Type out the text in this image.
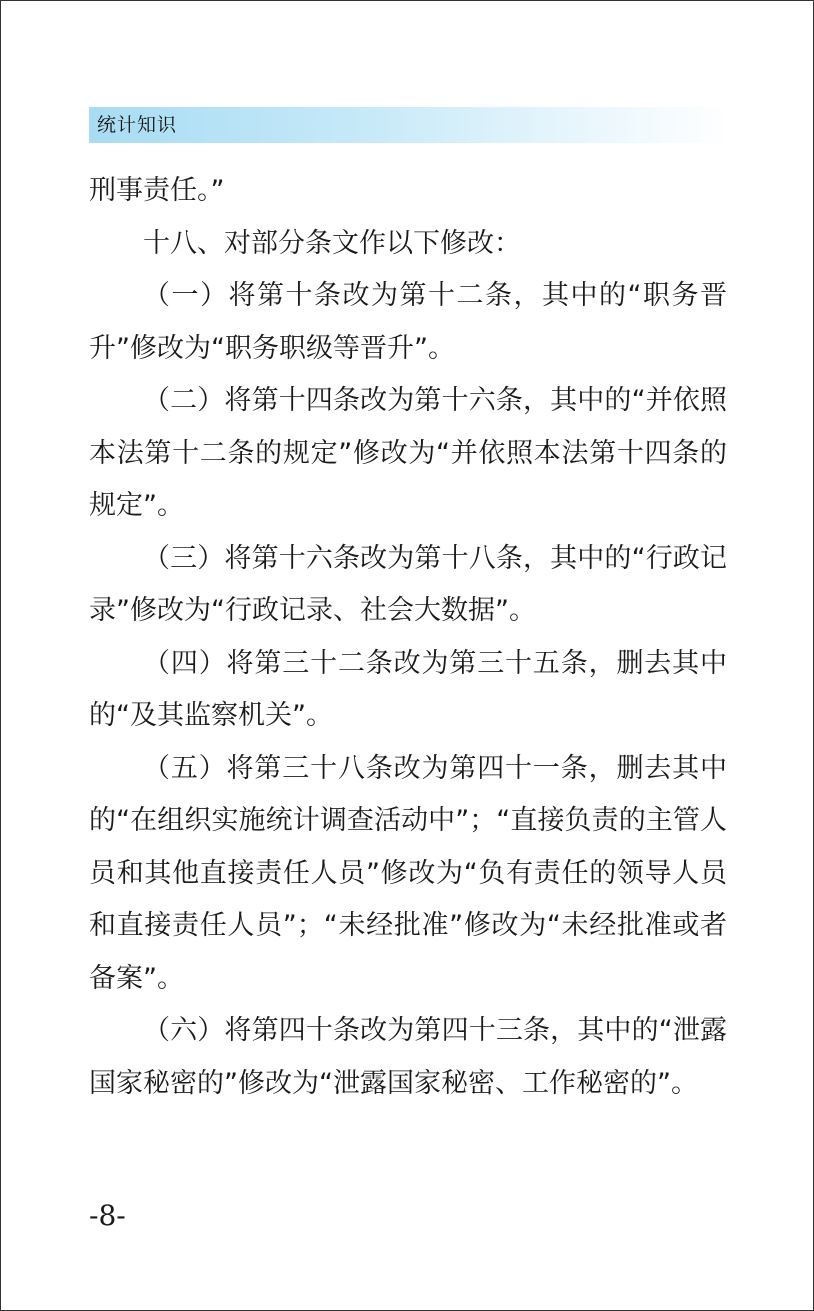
统计知识

刑事责任。”

十八、对部分条文作以下修改：

（一）将第十条改为第十二条，其中的“职务晋升”修改为“职务职级等晋升”。

（二）将第十四条改为第十六条，其中的“并依照本法第十二条的规定”修改为“并依照本法第十四条的规定”。

（三）将第十六条改为第十八条，其中的“行政记录”修改为“行政记录、社会大数据”。

（四）将第三十二条改为第三十五条，删去其中的“及其监察机关”。

（五）将第三十八条改为第四十一条，删去其中的“在组织实施统计调查活动中”；“直接负责的主管人员和其他直接责任人员”修改为“负有责任的领导人员和直接责任人员”；“未经批准”修改为“未经批准或者备案”。

（六）将第四十条改为第四十三条，其中的“泄露国家秘密的”修改为“泄露国家秘密、工作秘密的”。

-8-
